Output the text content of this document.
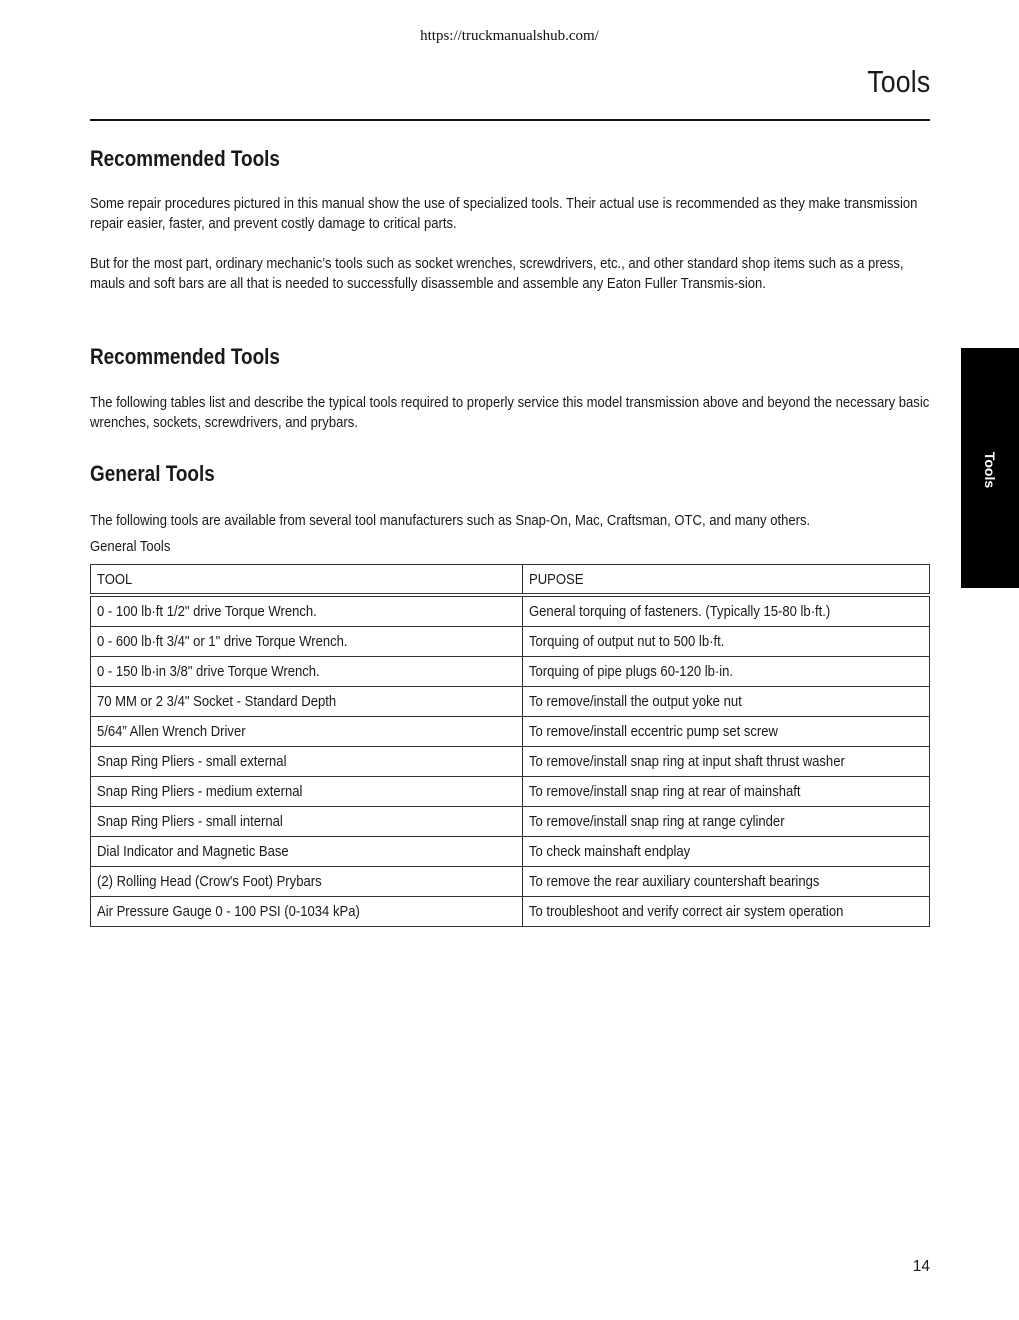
https://truckmanualshub.com/
Tools
Tools
Recommended Tools

Some repair procedures pictured in this manual show the use of specialized tools. Their actual use is recommended as they make transmission repair easier, faster, and prevent costly damage to critical parts.

But for the most part, ordinary mechanic’s tools such as socket wrenches, screwdrivers, etc., and other standard shop items such as a press, mauls and soft bars are all that is needed to successfully disassemble and assemble any Eaton Fuller Transmis-sion.

Recommended Tools

The following tables list and describe the typical tools required to properly service this model transmission above and beyond the necessary basic wrenches, sockets, screwdrivers, and prybars.

General Tools

The following tools are available from several tool manufacturers such as Snap-On, Mac, Craftsman, OTC, and many others.

General Tools
TOOL	PUPOSE
0 - 100 lb·ft 1/2" drive Torque Wrench.	General torquing of fasteners. (Typically 15-80 lb·ft.)
0 - 600 lb·ft 3/4" or 1" drive Torque Wrench.	Torquing of output nut to 500 lb·ft.
0 - 150 lb·in 3/8" drive Torque Wrench.	Torquing of pipe plugs 60-120 lb·in.
70 MM or 2 3/4" Socket - Standard Depth	To remove/install the output yoke nut
5/64” Allen Wrench Driver	To remove/install eccentric pump set screw
Snap Ring Pliers - small external	To remove/install snap ring at input shaft thrust washer
Snap Ring Pliers - medium external	To remove/install snap ring at rear of mainshaft
Snap Ring Pliers - small internal	To remove/install snap ring at range cylinder
Dial Indicator and Magnetic Base	To check mainshaft endplay
(2) Rolling Head (Crow's Foot) Prybars	To remove the rear auxiliary countershaft bearings
Air Pressure Gauge 0 - 100 PSI (0-1034 kPa)	To troubleshoot and verify correct air system operation
14
